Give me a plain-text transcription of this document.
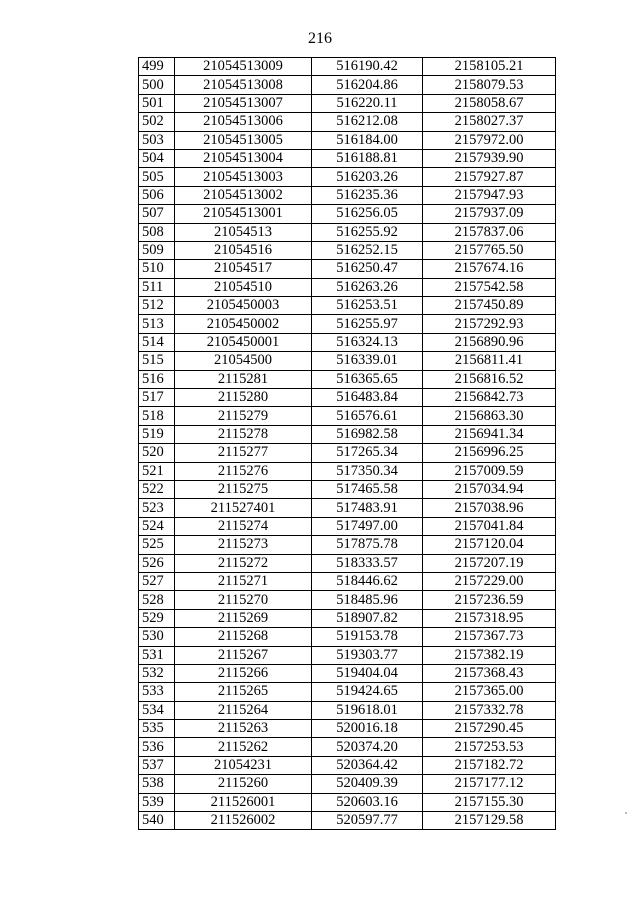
216
499	21054513009	516190.42	2158105.21
500	21054513008	516204.86	2158079.53
501	21054513007	516220.11	2158058.67
502	21054513006	516212.08	2158027.37
503	21054513005	516184.00	2157972.00
504	21054513004	516188.81	2157939.90
505	21054513003	516203.26	2157927.87
506	21054513002	516235.36	2157947.93
507	21054513001	516256.05	2157937.09
508	21054513	516255.92	2157837.06
509	21054516	516252.15	2157765.50
510	21054517	516250.47	2157674.16
511	21054510	516263.26	2157542.58
512	2105450003	516253.51	2157450.89
513	2105450002	516255.97	2157292.93
514	2105450001	516324.13	2156890.96
515	21054500	516339.01	2156811.41
516	2115281	516365.65	2156816.52
517	2115280	516483.84	2156842.73
518	2115279	516576.61	2156863.30
519	2115278	516982.58	2156941.34
520	2115277	517265.34	2156996.25
521	2115276	517350.34	2157009.59
522	2115275	517465.58	2157034.94
523	211527401	517483.91	2157038.96
524	2115274	517497.00	2157041.84
525	2115273	517875.78	2157120.04
526	2115272	518333.57	2157207.19
527	2115271	518446.62	2157229.00
528	2115270	518485.96	2157236.59
529	2115269	518907.82	2157318.95
530	2115268	519153.78	2157367.73
531	2115267	519303.77	2157382.19
532	2115266	519404.04	2157368.43
533	2115265	519424.65	2157365.00
534	2115264	519618.01	2157332.78
535	2115263	520016.18	2157290.45
536	2115262	520374.20	2157253.53
537	21054231	520364.42	2157182.72
538	2115260	520409.39	2157177.12
539	211526001	520603.16	2157155.30
540	211526002	520597.77	2157129.58
